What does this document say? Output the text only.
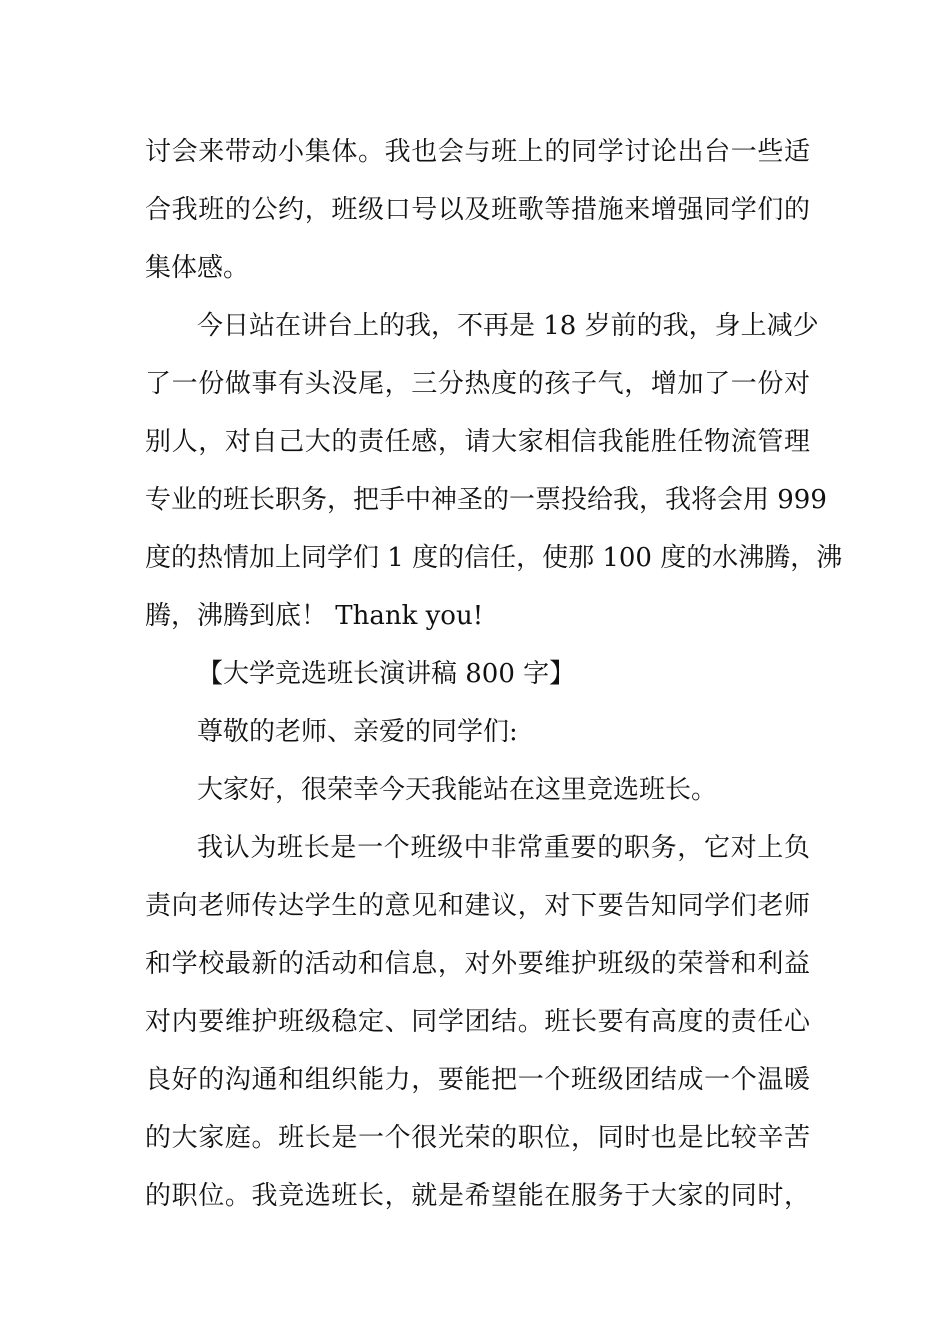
讨会来带动小集体。我也会与班上的同学讨论出台一些适
合我班的公约，班级口号以及班歌等措施来增强同学们的
集体感。
今日站在讲台上的我，不再是 18 岁前的我，身上减少
了一份做事有头没尾，三分热度的孩子气，增加了一份对
别人，对自己大的责任感，请大家相信我能胜任物流管理
专业的班长职务，把手中神圣的一票投给我，我将会用 999
度的热情加上同学们 1 度的信任，使那 100 度的水沸腾，沸
腾，沸腾到底！ Thank you!
【大学竞选班长演讲稿 800 字】
尊敬的老师、亲爱的同学们:
大家好，很荣幸今天我能站在这里竞选班长。
我认为班长是一个班级中非常重要的职务，它对上负
责向老师传达学生的意见和建议，对下要告知同学们老师
和学校最新的活动和信息，对外要维护班级的荣誉和利益
对内要维护班级稳定、同学团结。班长要有高度的责任心
良好的沟通和组织能力，要能把一个班级团结成一个温暖
的大家庭。班长是一个很光荣的职位，同时也是比较辛苦
的职位。我竞选班长，就是希望能在服务于大家的同时，
